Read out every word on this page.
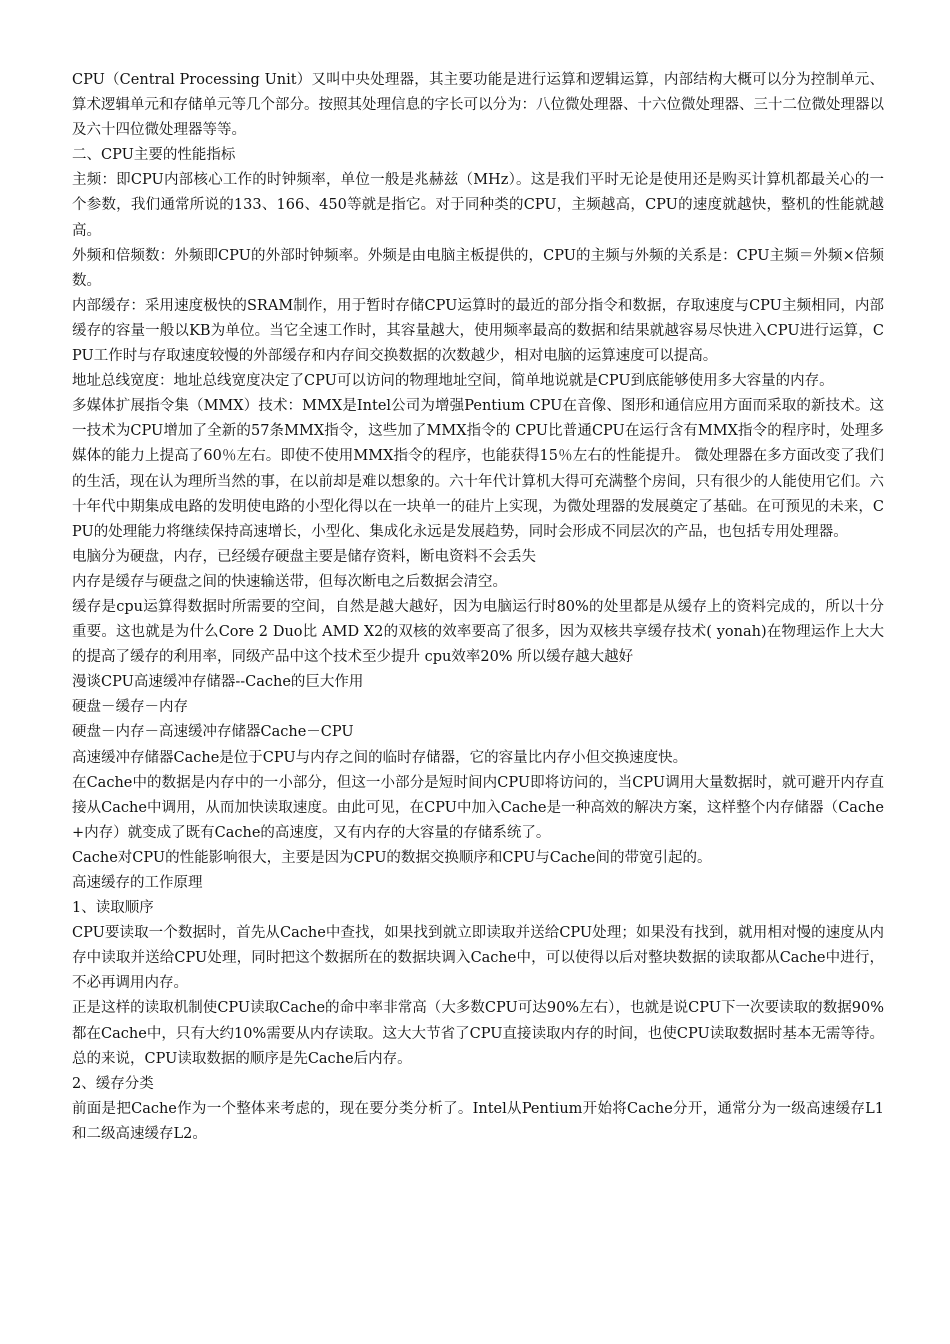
CPU（Central Processing Unit）又叫中央处理器，其主要功能是进行运算和逻辑运算，内部结构大概可以分为控制单元、算术逻辑单元和存储单元等几个部分。按照其处理信息的字长可以分为：八位微处理器、十六位微处理器、三十二位微处理器以及六十四位微处理器等等。

二、CPU主要的性能指标

主频：即CPU内部核心工作的时钟频率，单位一般是兆赫兹（MHz）。这是我们平时无论是使用还是购买计算机都最关心的一个参数，我们通常所说的133、166、450等就是指它。对于同种类的CPU，主频越高，CPU的速度就越快，整机的性能就越高。

外频和倍频数：外频即CPU的外部时钟频率。外频是由电脑主板提供的，CPU的主频与外频的关系是：CPU主频＝外频×倍频数。

内部缓存：采用速度极快的SRAM制作，用于暂时存储CPU运算时的最近的部分指令和数据，存取速度与CPU主频相同，内部缓存的容量一般以KB为单位。当它全速工作时，其容量越大，使用频率最高的数据和结果就越容易尽快进入CPU进行运算，CPU工作时与存取速度较慢的外部缓存和内存间交换数据的次数越少，相对电脑的运算速度可以提高。

地址总线宽度：地址总线宽度决定了CPU可以访问的物理地址空间，简单地说就是CPU到底能够使用多大容量的内存。

多媒体扩展指令集（MMX）技术：MMX是Intel公司为增强Pentium CPU在音像、图形和通信应用方面而采取的新技术。这一技术为CPU增加了全新的57条MMX指令，这些加了MMX指令的 CPU比普通CPU在运行含有MMX指令的程序时，处理多媒体的能力上提高了60％左右。即使不使用MMX指令的程序，也能获得15％左右的性能提升。 微处理器在多方面改变了我们的生活，现在认为理所当然的事，在以前却是难以想象的。六十年代计算机大得可充满整个房间，只有很少的人能使用它们。六十年代中期集成电路的发明使电路的小型化得以在一块单一的硅片上实现，为微处理器的发展奠定了基础。在可预见的未来，CPU的处理能力将继续保持高速增长，小型化、集成化永远是发展趋势，同时会形成不同层次的产品，也包括专用处理器。

电脑分为硬盘，内存，已经缓存硬盘主要是储存资料，断电资料不会丢失

内存是缓存与硬盘之间的快速输送带，但每次断电之后数据会清空。

缓存是cpu运算得数据时所需要的空间，自然是越大越好，因为电脑运行时80%的处里都是从缓存上的资料完成的，所以十分重要。这也就是为什么Core 2 Duo比 AMD X2的双核的效率要高了很多，因为双核共享缓存技术( yonah)在物理运作上大大的提高了缓存的利用率，同级产品中这个技术至少提升 cpu效率20% 所以缓存越大越好

漫谈CPU高速缓冲存储器--Cache的巨大作用

硬盘－缓存－内存

硬盘－内存－高速缓冲存储器Cache－CPU

高速缓冲存储器Cache是位于CPU与内存之间的临时存储器，它的容量比内存小但交换速度快。

在Cache中的数据是内存中的一小部分，但这一小部分是短时间内CPU即将访问的，当CPU调用大量数据时，就可避开内存直接从Cache中调用，从而加快读取速度。由此可见，在CPU中加入Cache是一种高效的解决方案，这样整个内存储器（Cache+内存）就变成了既有Cache的高速度，又有内存的大容量的存储系统了。

Cache对CPU的性能影响很大，主要是因为CPU的数据交换顺序和CPU与Cache间的带宽引起的。

高速缓存的工作原理

1、读取顺序

CPU要读取一个数据时，首先从Cache中查找，如果找到就立即读取并送给CPU处理；如果没有找到，就用相对慢的速度从内存中读取并送给CPU处理，同时把这个数据所在的数据块调入Cache中，可以使得以后对整块数据的读取都从Cache中进行，不必再调用内存。

正是这样的读取机制使CPU读取Cache的命中率非常高（大多数CPU可达90%左右），也就是说CPU下一次要读取的数据90%都在Cache中，只有大约10%需要从内存读取。这大大节省了CPU直接读取内存的时间，也使CPU读取数据时基本无需等待。总的来说，CPU读取数据的顺序是先Cache后内存。

2、缓存分类

前面是把Cache作为一个整体来考虑的，现在要分类分析了。Intel从Pentium开始将Cache分开，通常分为一级高速缓存L1和二级高速缓存L2。
